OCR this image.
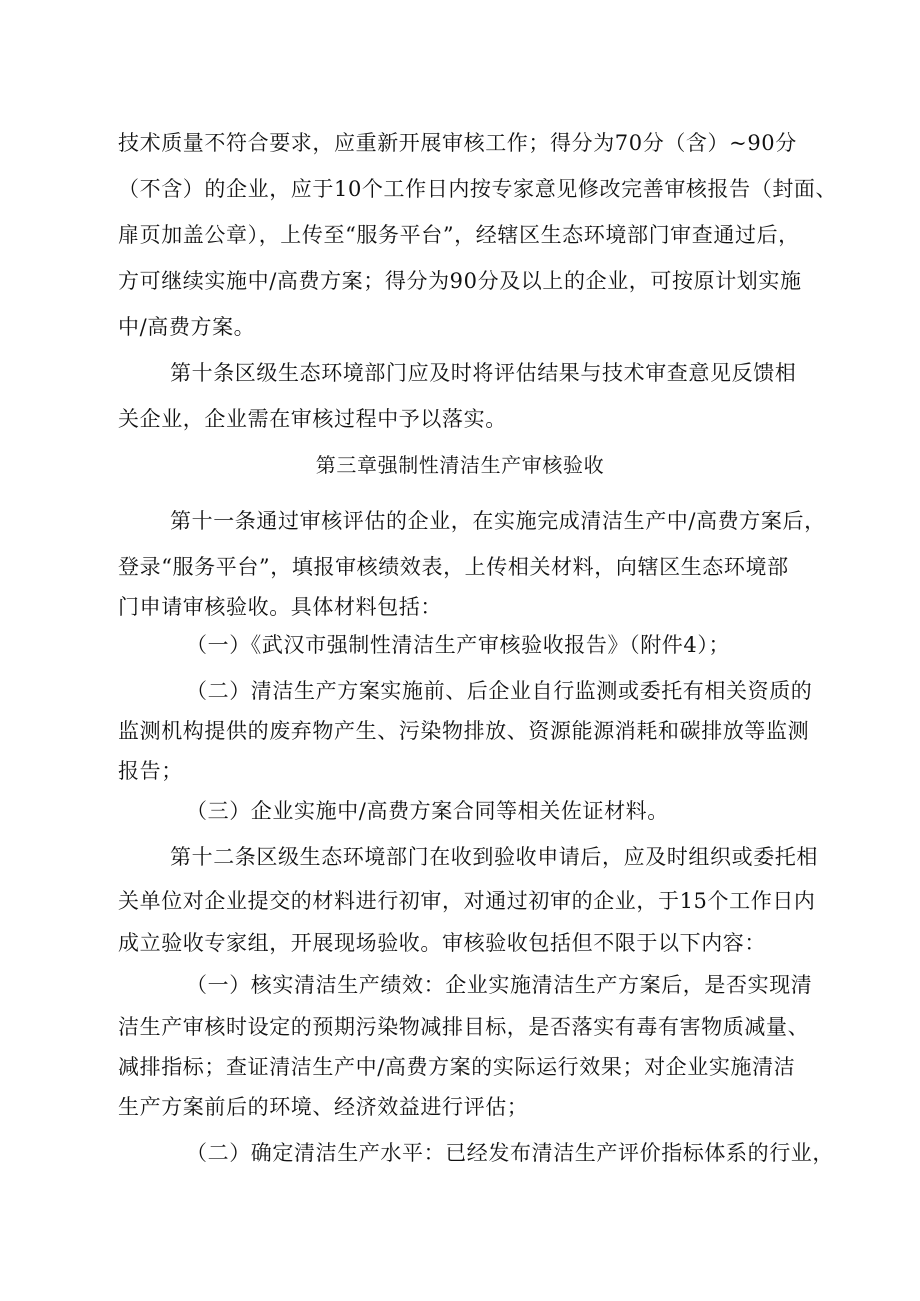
技术质量不符合要求，应重新开展审核工作；得分为70分（含）~90分
（不含）的企业，应于10个工作日内按专家意见修改完善审核报告（封面、
扉页加盖公章），上传至“服务平台”，经辖区生态环境部门审查通过后，
方可继续实施中/高费方案；得分为90分及以上的企业，可按原计划实施
中/高费方案。
第十条区级生态环境部门应及时将评估结果与技术审查意见反馈相
关企业，企业需在审核过程中予以落实。
第三章强制性清洁生产审核验收
第十一条通过审核评估的企业，在实施完成清洁生产中/高费方案后，
登录“服务平台”，填报审核绩效表，上传相关材料，向辖区生态环境部
门申请审核验收。具体材料包括：
（一）《武汉市强制性清洁生产审核验收报告》（附件4）；
（二）清洁生产方案实施前、后企业自行监测或委托有相关资质的
监测机构提供的废弃物产生、污染物排放、资源能源消耗和碳排放等监测
报告；
（三）企业实施中/高费方案合同等相关佐证材料。
第十二条区级生态环境部门在收到验收申请后，应及时组织或委托相
关单位对企业提交的材料进行初审，对通过初审的企业，于15个工作日内
成立验收专家组，开展现场验收。审核验收包括但不限于以下内容：
（一）核实清洁生产绩效：企业实施清洁生产方案后，是否实现清
洁生产审核时设定的预期污染物减排目标，是否落实有毒有害物质减量、
减排指标；查证清洁生产中/高费方案的实际运行效果；对企业实施清洁
生产方案前后的环境、经济效益进行评估；
（二）确定清洁生产水平：已经发布清洁生产评价指标体系的行业，
